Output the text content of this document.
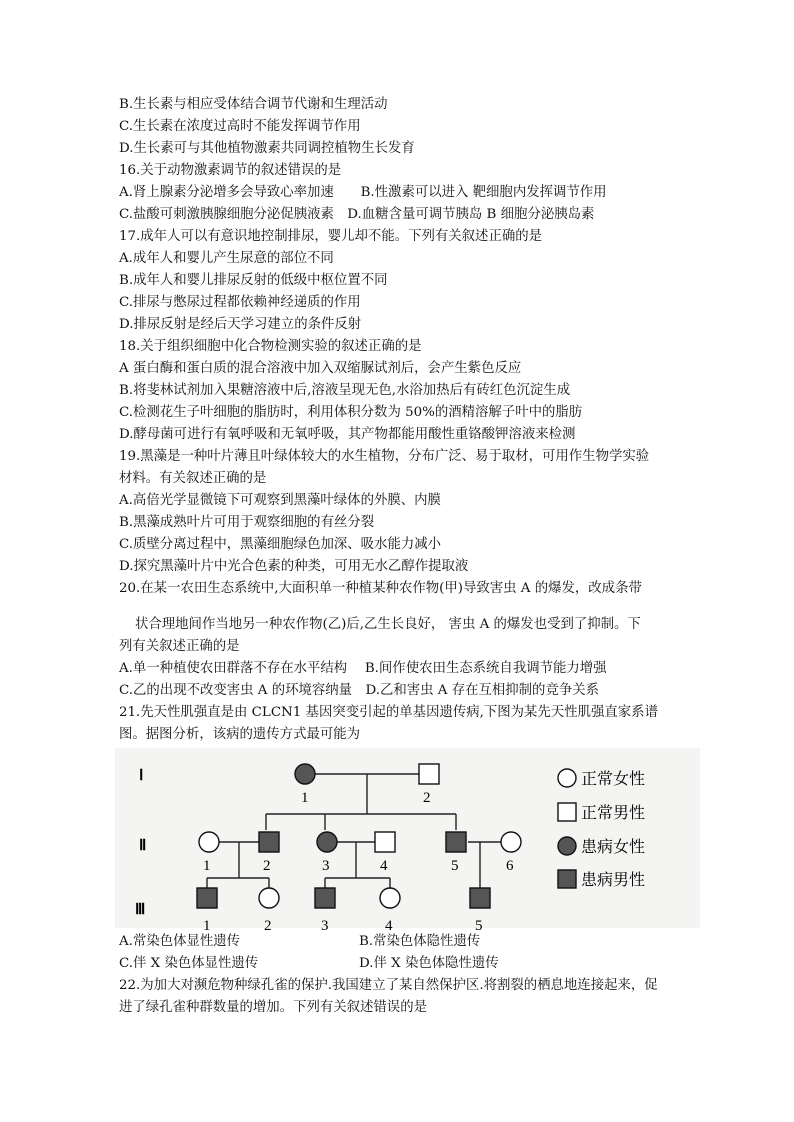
B.生长素与相应受体结合调节代谢和生理活动
C.生长素在浓度过高时不能发挥调节作用
D.生长素可与其他植物激素共同调控植物生长发育
16.关于动物激素调节的叙述错误的是
A.肾上腺素分泌增多会导致心率加速　　B.性激素可以进入 靶细胞内发挥调节作用
C.盐酸可刺激胰腺细胞分泌促胰液素　D.血糖含量可调节胰岛 B 细胞分泌胰岛素
17.成年人可以有意识地控制排尿，婴儿却不能。下列有关叙述正确的是
A.成年人和婴儿产生尿意的部位不同
B.成年人和婴儿排尿反射的低级中枢位置不同
C.排尿与憋尿过程都依赖神经递质的作用
D.排尿反射是经后天学习建立的条件反射
18.关于组织细胞中化合物检测实验的叙述正确的是
A 蛋白酶和蛋白质的混合溶液中加入双缩脲试剂后，会产生紫色反应
B.将斐林试剂加入果糖溶液中后,溶液呈现无色,水浴加热后有砖红色沉淀生成
C.检测花生子叶细胞的脂肪时，利用体积分数为 50%的酒精溶解子叶中的脂肪
D.酵母菌可进行有氧呼吸和无氧呼吸，其产物都能用酸性重铬酸钾溶液来检测
19.黑藻是一种叶片薄且叶绿体较大的水生植物，分布广泛、易于取材，可用作生物学实验
材料。有关叙述正确的是
A.高倍光学显微镜下可观察到黑藻叶绿体的外膜、内膜
B.黑藻成熟叶片可用于观察细胞的有丝分裂
C.质壁分离过程中，黑藻细胞绿色加深、吸水能力减小
D.探究黑藻叶片中光合色素的种类，可用无水乙醇作提取液
20.在某一农田生态系统中,大面积单一种植某种农作物(甲)导致害虫 A 的爆发，改成条带
状合理地间作当地另一种农作物(乙)后,乙生长良好， 害虫 A 的爆发也受到了抑制。下
列有关叙述正确的是
A.单一种植使农田群落不存在水平结构　 B.间作使农田生态系统自我调节能力增强
C.乙的出现不改变害虫 A 的环境容纳量　D.乙和害虫 A 存在互相抑制的竞争关系
21.先天性肌强直是由 CLCN1 基因突变引起的单基因遗传病,下图为某先天性肌强直家系谱
图。据图分析，该病的遗传方式最可能为
Ⅰ
Ⅱ
Ⅲ
1	2
1	2	3	4	5	6
1	2	3	4	5
正常女性
正常男性
患病女性
患病男性
A.常染色体显性遗传	B.常染色体隐性遗传
C.伴 X 染色体显性遗传	D.伴 X 染色体隐性遗传
22.为加大对濒危物种绿孔雀的保护.我国建立了某自然保护区.将割裂的栖息地连接起来，促
进了绿孔雀种群数量的增加。下列有关叙述错误的是
